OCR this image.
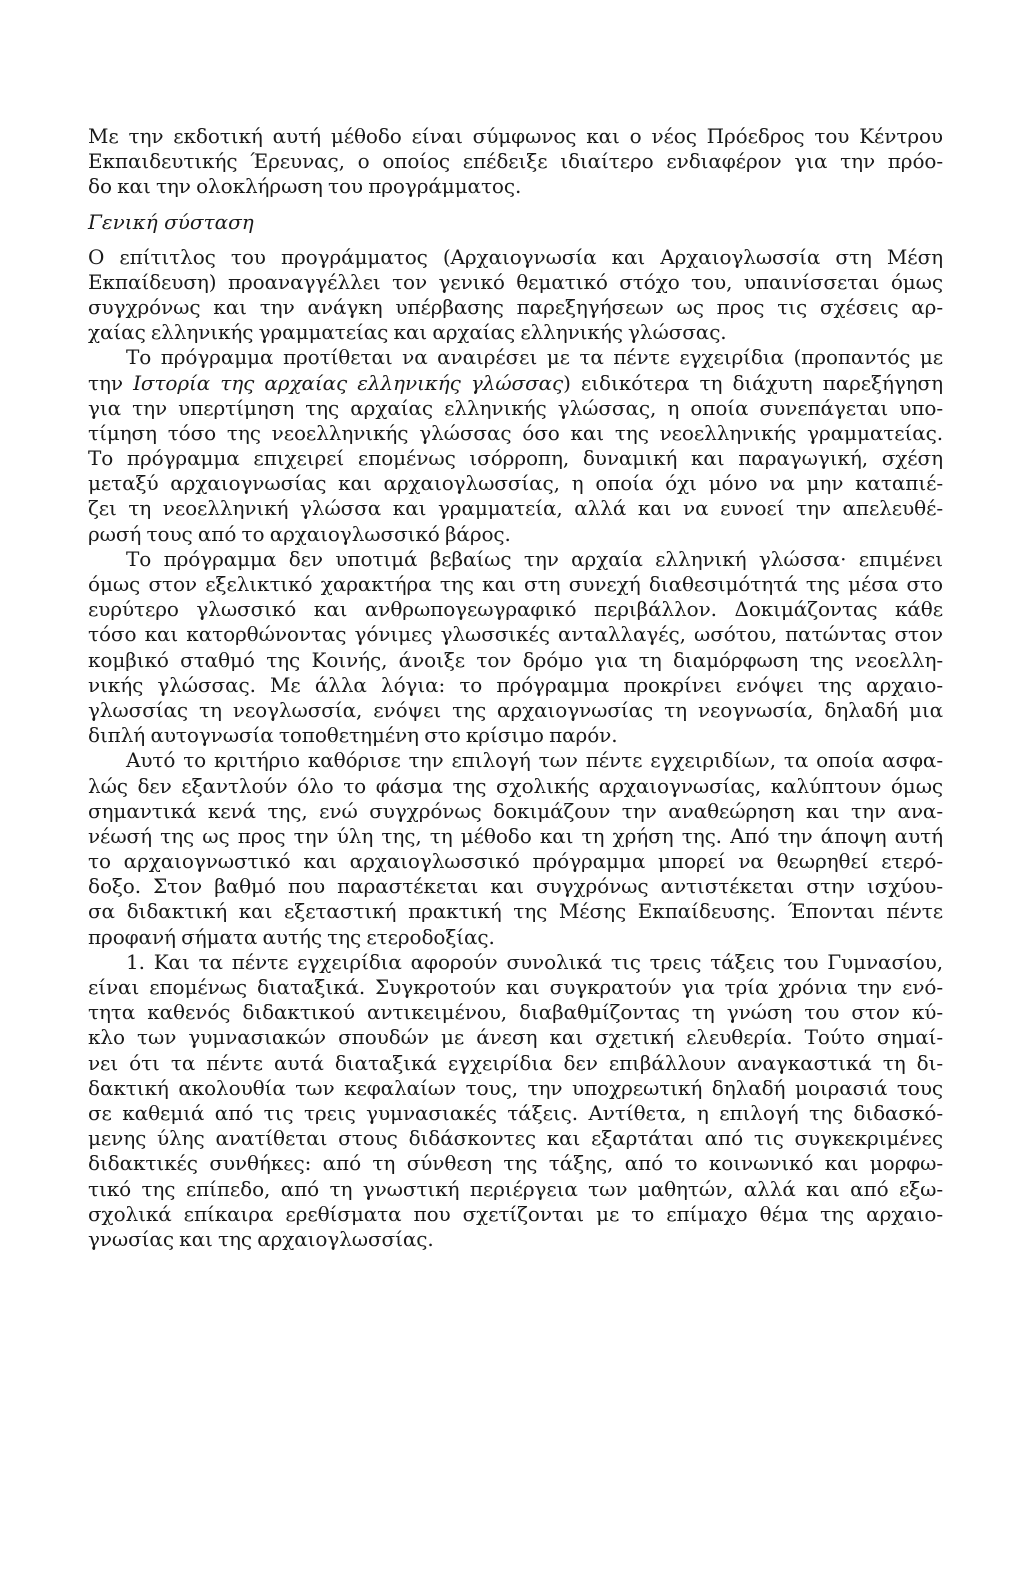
Με την εκδοτική αυτή μέθοδο είναι σύμφωνος και ο νέος Πρόεδρος του Κέντρου
Εκπαιδευτικής Έρευνας, ο οποίος επέδειξε ιδιαίτερο ενδιαφέρον για την πρόο-
δο και την ολοκλήρωση του προγράμματος.
Γενική σύσταση
Ο επίτιτλος του προγράμματος (Αρχαιογνωσία και Αρχαιογλωσσία στη Μέση
Εκπαίδευση) προαναγγέλλει τον γενικό θεματικό στόχο του, υπαινίσσεται όμως
συγχρόνως και την ανάγκη υπέρβασης παρεξηγήσεων ως προς τις σχέσεις αρ-
χαίας ελληνικής γραμματείας και αρχαίας ελληνικής γλώσσας.
Το πρόγραμμα προτίθεται να αναιρέσει με τα πέντε εγχειρίδια (προπαντός με
την Ιστορία της αρχαίας ελληνικής γλώσσας) ειδικότερα τη διάχυτη παρεξήγηση
για την υπερτίμηση της αρχαίας ελληνικής γλώσσας, η οποία συνεπάγεται υπο-
τίμηση τόσο της νεοελληνικής γλώσσας όσο και της νεοελληνικής γραμματείας.
Το πρόγραμμα επιχειρεί επομένως ισόρροπη, δυναμική και παραγωγική, σχέση
μεταξύ αρχαιογνωσίας και αρχαιογλωσσίας, η οποία όχι μόνο να μην καταπιέ-
ζει τη νεοελληνική γλώσσα και γραμματεία, αλλά και να ευνοεί την απελευθέ-
ρωσή τους από το αρχαιογλωσσικό βάρος.
Το πρόγραμμα δεν υποτιμά βεβαίως την αρχαία ελληνική γλώσσα· επιμένει
όμως στον εξελικτικό χαρακτήρα της και στη συνεχή διαθεσιμότητά της μέσα στο
ευρύτερο γλωσσικό και ανθρωπογεωγραφικό περιβάλλον. Δοκιμάζοντας κάθε
τόσο και κατορθώνοντας γόνιμες γλωσσικές ανταλλαγές, ωσότου, πατώντας στον
κομβικό σταθμό της Κοινής, άνοιξε τον δρόμο για τη διαμόρφωση της νεοελλη-
νικής γλώσσας. Με άλλα λόγια: το πρόγραμμα προκρίνει ενόψει της αρχαιο-
γλωσσίας τη νεογλωσσία, ενόψει της αρχαιογνωσίας τη νεογνωσία, δηλαδή μια
διπλή αυτογνωσία τοποθετημένη στο κρίσιμο παρόν.
Αυτό το κριτήριο καθόρισε την επιλογή των πέντε εγχειριδίων, τα οποία ασφα-
λώς δεν εξαντλούν όλο το φάσμα της σχολικής αρχαιογνωσίας, καλύπτουν όμως
σημαντικά κενά της, ενώ συγχρόνως δοκιμάζουν την αναθεώρηση και την ανα-
νέωσή της ως προς την ύλη της, τη μέθοδο και τη χρήση της. Από την άποψη αυτή
το αρχαιογνωστικό και αρχαιογλωσσικό πρόγραμμα μπορεί να θεωρηθεί ετερό-
δοξο. Στον βαθμό που παραστέκεται και συγχρόνως αντιστέκεται στην ισχύου-
σα διδακτική και εξεταστική πρακτική της Μέσης Εκπαίδευσης. Έπονται πέντε
προφανή σήματα αυτής της ετεροδοξίας.
1. Και τα πέντε εγχειρίδια αφορούν συνολικά τις τρεις τάξεις του Γυμνασίου,
είναι επομένως διαταξικά. Συγκροτούν και συγκρατούν για τρία χρόνια την ενό-
τητα καθενός διδακτικού αντικειμένου, διαβαθμίζοντας τη γνώση του στον κύ-
κλο των γυμνασιακών σπουδών με άνεση και σχετική ελευθερία. Τούτο σημαί-
νει ότι τα πέντε αυτά διαταξικά εγχειρίδια δεν επιβάλλουν αναγκαστικά τη δι-
δακτική ακολουθία των κεφαλαίων τους, την υποχρεωτική δηλαδή μοιρασιά τους
σε καθεμιά από τις τρεις γυμνασιακές τάξεις. Αντίθετα, η επιλογή της διδασκό-
μενης ύλης ανατίθεται στους διδάσκοντες και εξαρτάται από τις συγκεκριμένες
διδακτικές συνθήκες: από τη σύνθεση της τάξης, από το κοινωνικό και μορφω-
τικό της επίπεδο, από τη γνωστική περιέργεια των μαθητών, αλλά και από εξω-
σχολικά επίκαιρα ερεθίσματα που σχετίζονται με το επίμαχο θέμα της αρχαιο-
γνωσίας και της αρχαιογλωσσίας.
